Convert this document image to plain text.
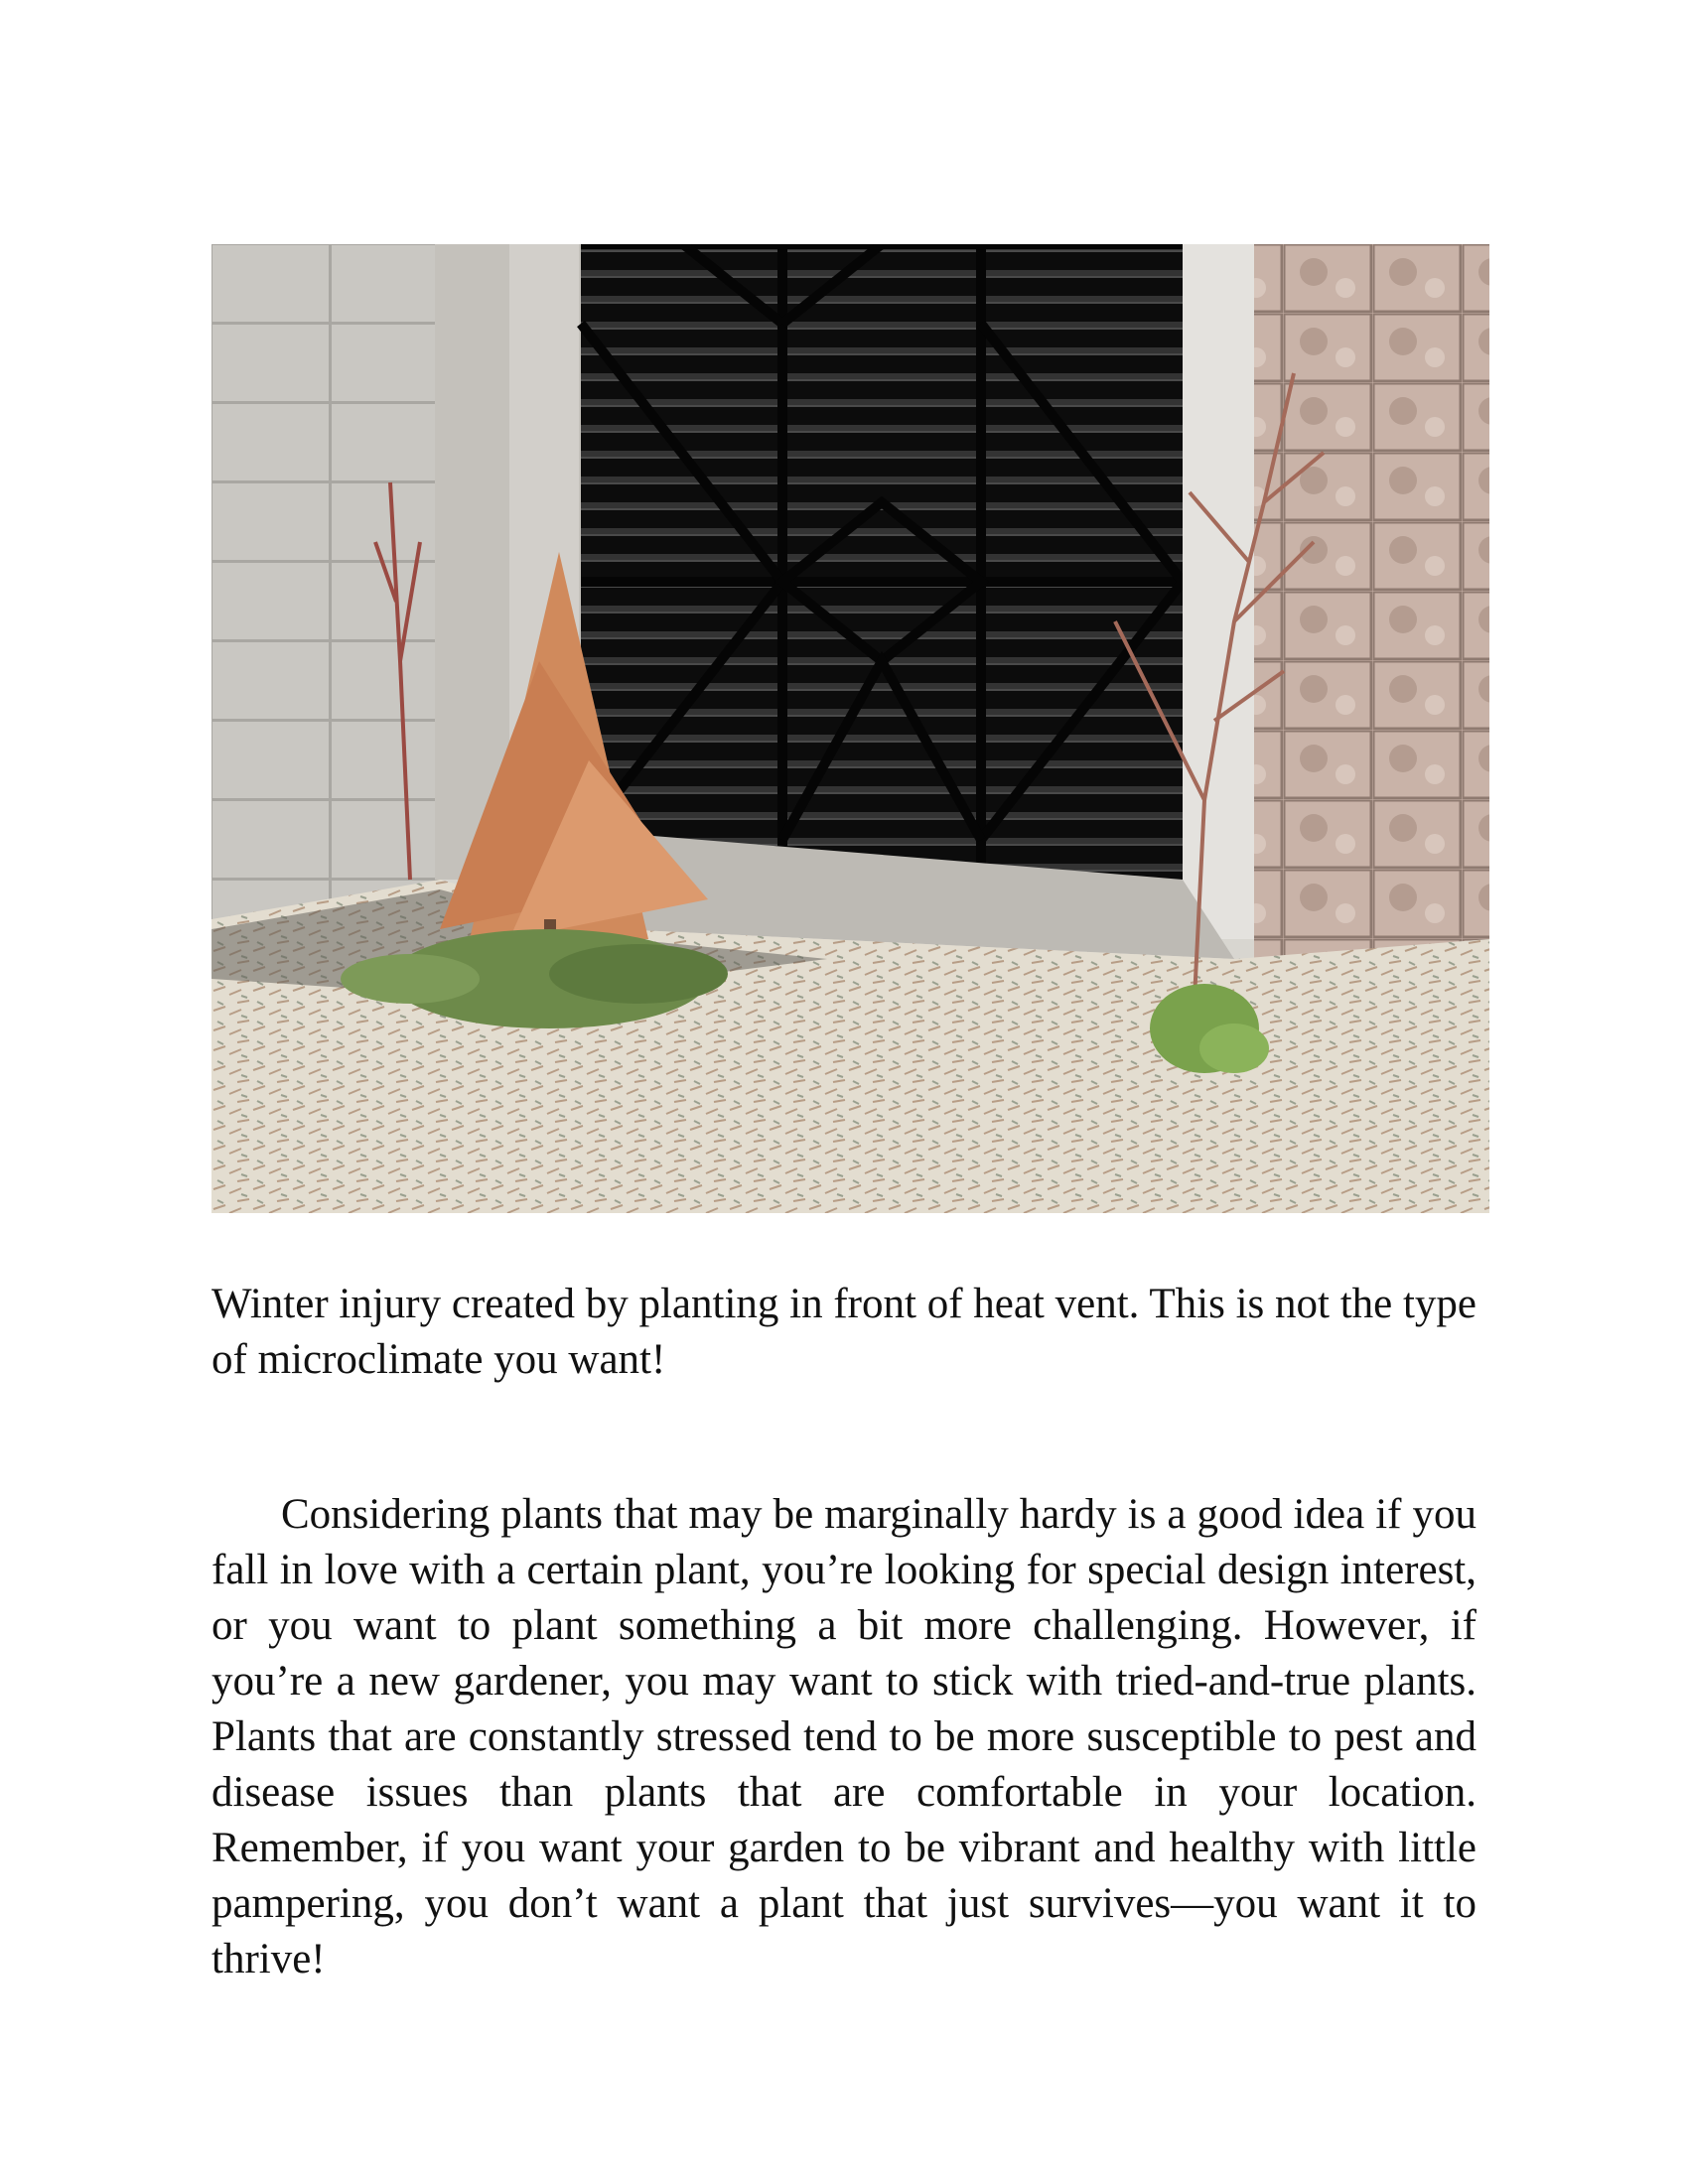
Winter injury created by planting in front of heat vent. This is not the type of microclimate you want!

Considering plants that may be marginally hardy is a good idea if you fall in love with a certain plant, you’re looking for special design interest, or you want to plant something a bit more challenging. However, if you’re a new gardener, you may want to stick with tried-and-true plants. Plants that are constantly stressed tend to be more susceptible to pest and disease issues than plants that are comfortable in your location. Remember, if you want your garden to be vibrant and healthy with little pampering, you don’t want a plant that just survives—you want it to thrive!
